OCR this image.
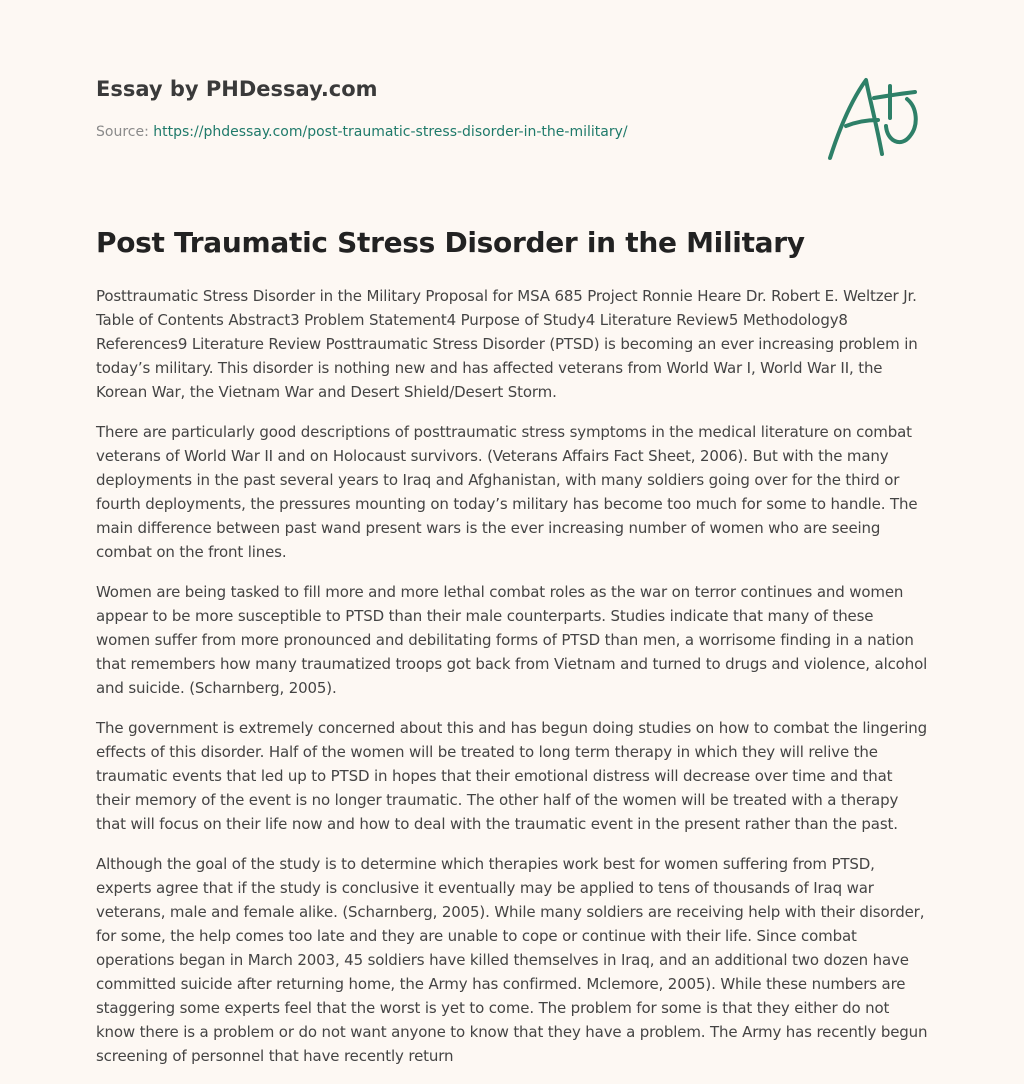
Essay by PHDessay.com
Source: https://phdessay.com/post-traumatic-stress-disorder-in-the-military/
Post Traumatic Stress Disorder in the Military

Posttraumatic Stress Disorder in the Military Proposal for MSA 685 Project Ronnie Heare Dr. Robert E. Weltzer Jr. Table of Contents Abstract3 Problem Statement4 Purpose of Study4 Literature Review5 Methodology8 References9 Literature Review Posttraumatic Stress Disorder (PTSD) is becoming an ever increasing problem in today’s military. This disorder is nothing new and has affected veterans from World War I, World War II, the Korean War, the Vietnam War and Desert Shield/Desert Storm.

There are particularly good descriptions of posttraumatic stress symptoms in the medical literature on combat veterans of World War II and on Holocaust survivors. (Veterans Affairs Fact Sheet, 2006). But with the many deployments in the past several years to Iraq and Afghanistan, with many soldiers going over for the third or fourth deployments, the pressures mounting on today’s military has become too much for some to handle. The main difference between past wand present wars is the ever increasing number of women who are seeing combat on the front lines.

Women are being tasked to fill more and more lethal combat roles as the war on terror continues and women appear to be more susceptible to PTSD than their male counterparts. Studies indicate that many of these women suffer from more pronounced and debilitating forms of PTSD than men, a worrisome finding in a nation that remembers how many traumatized troops got back from Vietnam and turned to drugs and violence, alcohol and suicide. (Scharnberg, 2005).

The government is extremely concerned about this and has begun doing studies on how to combat the lingering effects of this disorder. Half of the women will be treated to long term therapy in which they will relive the traumatic events that led up to PTSD in hopes that their emotional distress will decrease over time and that their memory of the event is no longer traumatic. The other half of the women will be treated with a therapy that will focus on their life now and how to deal with the traumatic event in the present rather than the past.

Although the goal of the study is to determine which therapies work best for women suffering from PTSD, experts agree that if the study is conclusive it eventually may be applied to tens of thousands of Iraq war veterans, male and female alike. (Scharnberg, 2005). While many soldiers are receiving help with their disorder, for some, the help comes too late and they are unable to cope or continue with their life. Since combat operations began in March 2003, 45 soldiers have killed themselves in Iraq, and an additional two dozen have committed suicide after returning home, the Army has confirmed. Mclemore, 2005). While these numbers are staggering some experts feel that the worst is yet to come. The problem for some is that they either do not know there is a problem or do not want anyone to know that they have a problem. The Army has recently begun screening of personnel that have recently return
